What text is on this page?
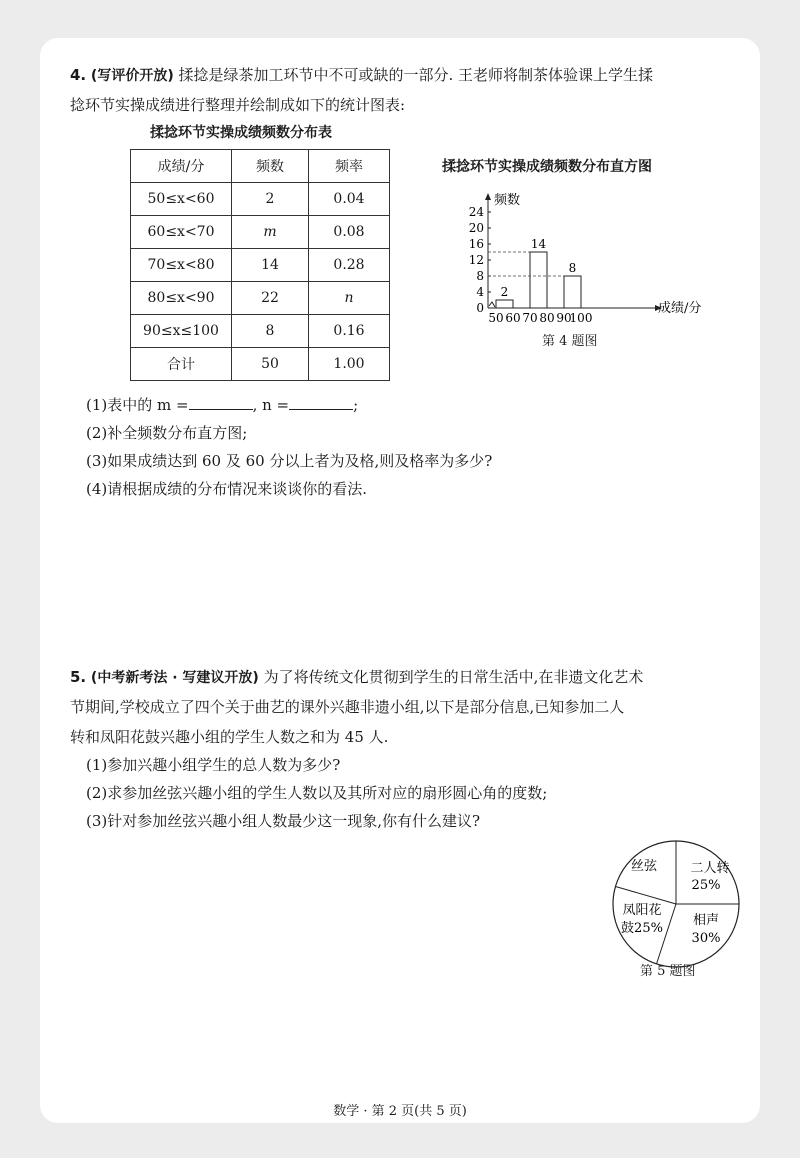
4. (写评价开放) 揉捻是绿茶加工环节中不可或缺的一部分. 王老师将制茶体验课上学生揉
捻环节实操成绩进行整理并绘制成如下的统计图表:
揉捻环节实操成绩频数分布表
成绩/分	频数	频率
50≤x<60	2	0.04
60≤x<70	m	0.08
70≤x<80	14	0.28
80≤x<90	22	n
90≤x≤100	8	0.16
合计	50	1.00
揉捻环节实操成绩频数分布直方图
频数
成绩/分
0
4
8
12
16
20
24
50 60 70 80 90
100
2
14
8
第 4 题图
(1)表中的 m =	, n =	;
(2)补全频数分布直方图;
(3)如果成绩达到 60 及 60 分以上者为及格,则及格率为多少?
(4)请根据成绩的分布情况来谈谈你的看法.
5. (中考新考法 · 写建议开放) 为了将传统文化贯彻到学生的日常生活中,在非遗文化艺术
节期间,学校成立了四个关于曲艺的课外兴趣非遗小组,以下是部分信息,已知参加二人
转和凤阳花鼓兴趣小组的学生人数之和为 45 人.
(1)参加兴趣小组学生的总人数为多少?
(2)求参加丝弦兴趣小组的学生人数以及其所对应的扇形圆心角的度数;
(3)针对参加丝弦兴趣小组人数最少这一现象,你有什么建议?
丝弦	二人转
25%
相声
30%
凤阳花
鼓25%
第 5 题图
数学 · 第 2 页(共 5 页)
